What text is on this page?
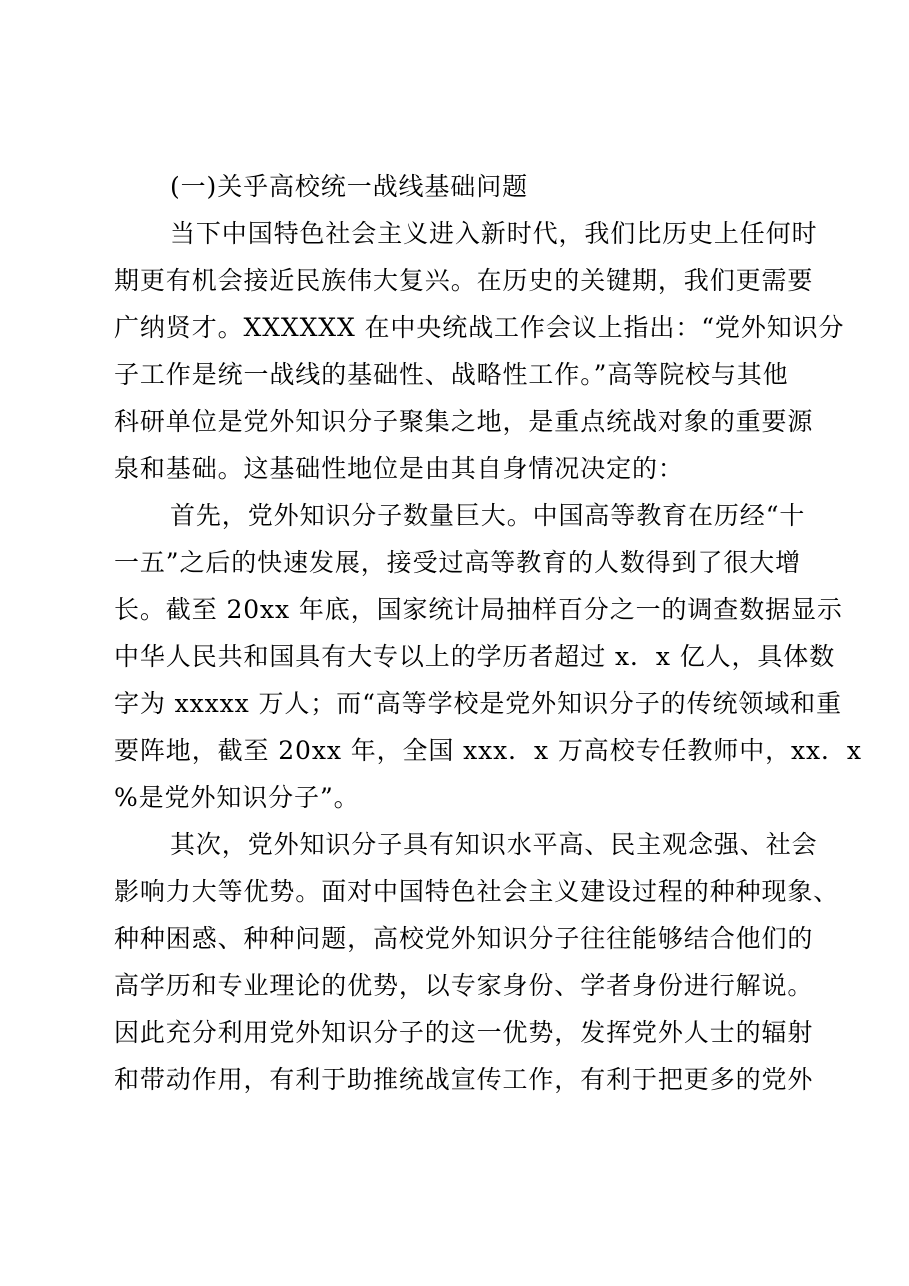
(一)关乎高校统一战线基础问题
当下中国特色社会主义进入新时代，我们比历史上任何时
期更有机会接近民族伟大复兴。在历史的关键期，我们更需要
广纳贤才。XXXXXX 在中央统战工作会议上指出：“党外知识分
子工作是统一战线的基础性、战略性工作。”高等院校与其他
科研单位是党外知识分子聚集之地，是重点统战对象的重要源
泉和基础。这基础性地位是由其自身情况决定的：
首先，党外知识分子数量巨大。中国高等教育在历经“十
一五”之后的快速发展，接受过高等教育的人数得到了很大增
长。截至 20xx 年底，国家统计局抽样百分之一的调查数据显示
中华人民共和国具有大专以上的学历者超过 x．x 亿人，具体数
字为 xxxxx 万人；而“高等学校是党外知识分子的传统领域和重
要阵地，截至 20xx 年，全国 xxx．x 万高校专任教师中，xx．x
%是党外知识分子”。
其次，党外知识分子具有知识水平高、民主观念强、社会
影响力大等优势。面对中国特色社会主义建设过程的种种现象、
种种困惑、种种问题，高校党外知识分子往往能够结合他们的
高学历和专业理论的优势，以专家身份、学者身份进行解说。
因此充分利用党外知识分子的这一优势，发挥党外人士的辐射
和带动作用，有利于助推统战宣传工作，有利于把更多的党外
